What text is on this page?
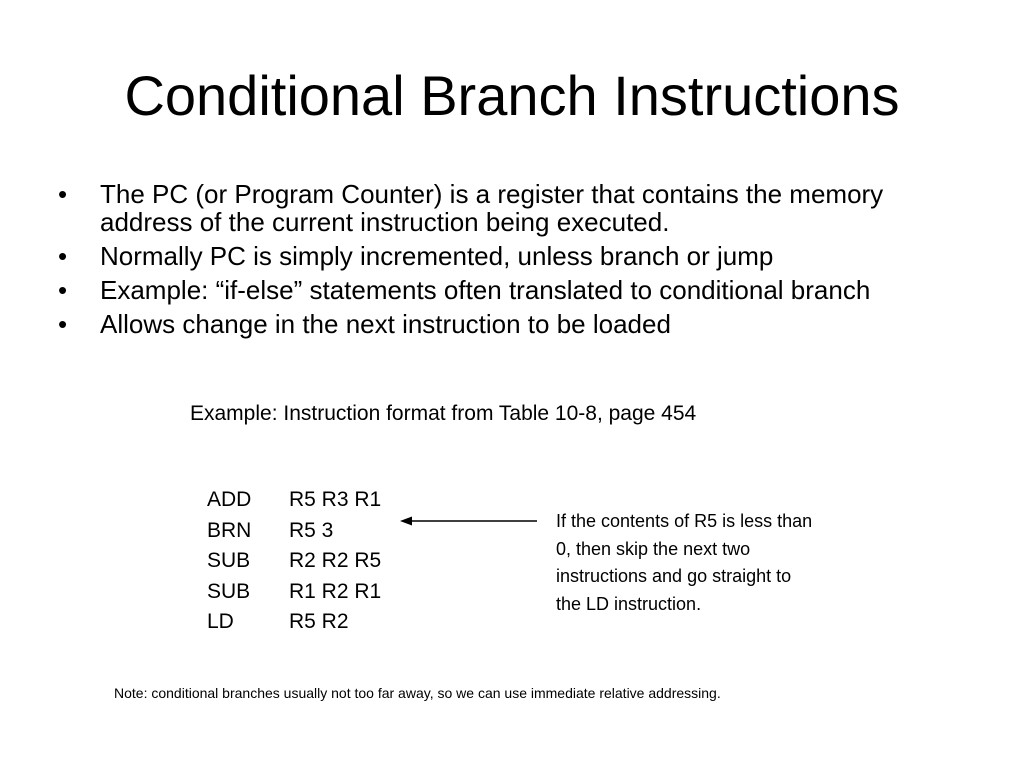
Conditional Branch Instructions
• The PC (or Program Counter) is a register that contains the memory address of the current instruction being executed.
• Normally PC is simply incremented, unless branch or jump
• Example: “if-else” statements often translated to conditional branch
• Allows change in the next instruction to be loaded
Example: Instruction format from Table 10-8, page 454
ADD R5 R3 R1
BRN R5 3
SUB R2 R2 R5
SUB R1 R2 R1
LD	R5 R2
If the contents of R5 is less than 0, then skip the next two instructions and go straight to the LD instruction.
Note: conditional branches usually not too far away, so we can use immediate relative addressing.
